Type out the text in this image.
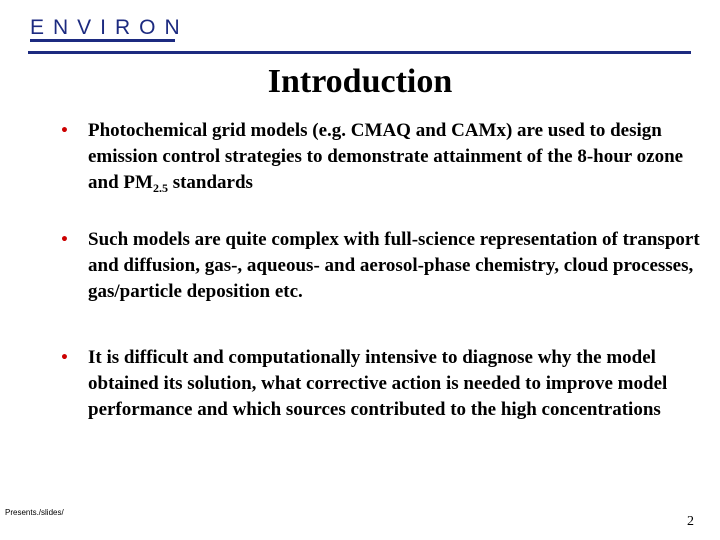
ENVIRON
Introduction
• Photochemical grid models (e.g. CMAQ and CAMx) are used to design emission control strategies to demonstrate attainment of the 8-hour ozone and $PM_{2.5}$ standards
• Such models are quite complex with full-science representation of transport and diffusion, gas-, aqueous- and aerosol-phase chemistry, cloud processes, gas/particle deposition etc.
• It is difficult and computationally intensive to diagnose why the model obtained its solution, what corrective action is needed to improve model performance and which sources contributed to the high concentrations
Presents./slides/
2
